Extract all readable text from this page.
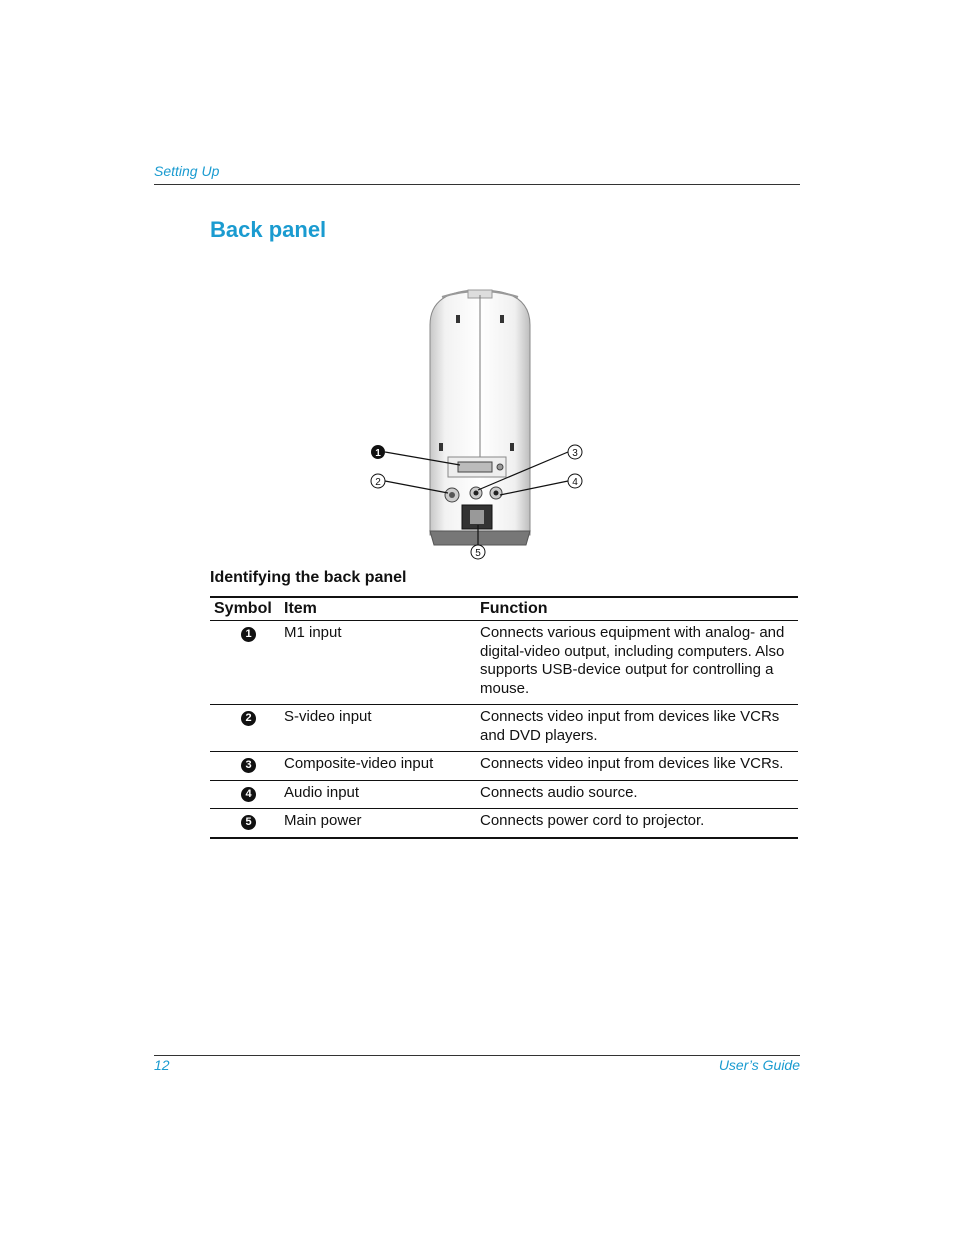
Setting Up
Back panel
1
2
3
4
5
Identifying the back panel
Symbol	Item	Function
1	M1 input	Connects various equipment with analog- and digital-video output, including computers. Also supports USB-device output for controlling a mouse.
2	S-video input	Connects video input from devices like VCRs and DVD players.
3	Composite-video input	Connects video input from devices like VCRs.
4	Audio input	Connects audio source.
5	Main power	Connects power cord to projector.
12	User’s Guide
